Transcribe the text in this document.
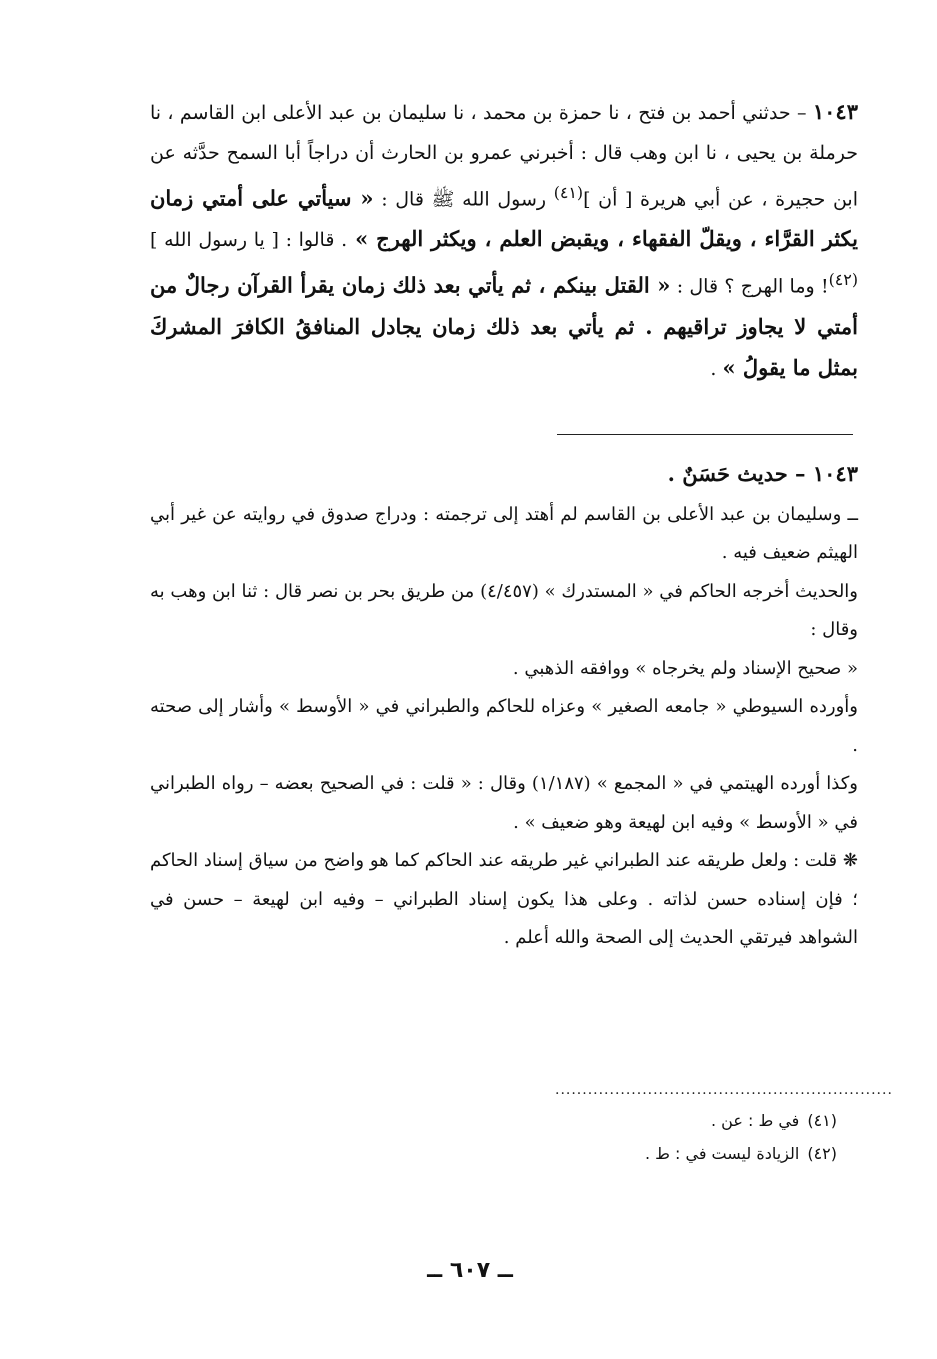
١٠٤٣ – حدثني أحمد بن فتح ، نا حمزة بن محمد ، نا سليمان بن عبد الأعلى ابن القاسم ، نا حرملة بن يحيى ، نا ابن وهب قال : أخبرني عمرو بن الحارث أن دراجاً أبا السمح حدَّثه عن ابن حجيرة ، عن أبي هريرة [ أن ]$^{(٤١)}$ رسول الله ﷺ قال : « سيأتي على أمتي زمان يكثر القرَّاء ، ويقلّ الفقهاء ، ويقبض العلم ، ويكثر الهرج » . قالوا : [ يا رسول الله ]$^{(٤٢)}$! وما الهرج ؟ قال : « القتل بينكم ، ثم يأتي بعد ذلك زمان يقرأ القرآن رجالٌ من أمتي لا يجاوز تراقيهم . ثم يأتي بعد ذلك زمان يجادل المنافقُ الكافرَ المشركَ بمثل ما يقولُ » .

١٠٤٣ – حديث حَسَنٌ .

ــ وسليمان بن عبد الأعلى بن القاسم لم أهتد إلى ترجمته : ودراج صدوق في روايته عن غير أبي الهيثم ضعيف فيه .

والحديث أخرجه الحاكم في « المستدرك » (٤/٤٥٧) من طريق بحر بن نصر قال : ثنا ابن وهب به وقال :

« صحيح الإسناد ولم يخرجاه » ووافقه الذهبي .

وأورده السيوطي « جامعه الصغير » وعزاه للحاكم والطبراني في « الأوسط » وأشار إلى صحته .

وكذا أورده الهيتمي في « المجمع » (١/١٨٧) وقال : « قلت : في الصحيح بعضه – رواه الطبراني في « الأوسط » وفيه ابن لهيعة وهو ضعيف » .

❋ قلت : ولعل طريقه عند الطبراني غير طريقه عند الحاكم كما هو واضح من سياق إسناد الحاكم ؛ فإن إسناده حسن لذاته . وعلى هذا يكون إسناد الطبراني – وفيه ابن لهيعة – حسن في الشواهد فيرتقي الحديث إلى الصحة والله أعلم .

..............................................................

(٤١)في ط : عن .

(٤٢)الزيادة ليست في : ط .

ــ ٦٠٧ ــ
